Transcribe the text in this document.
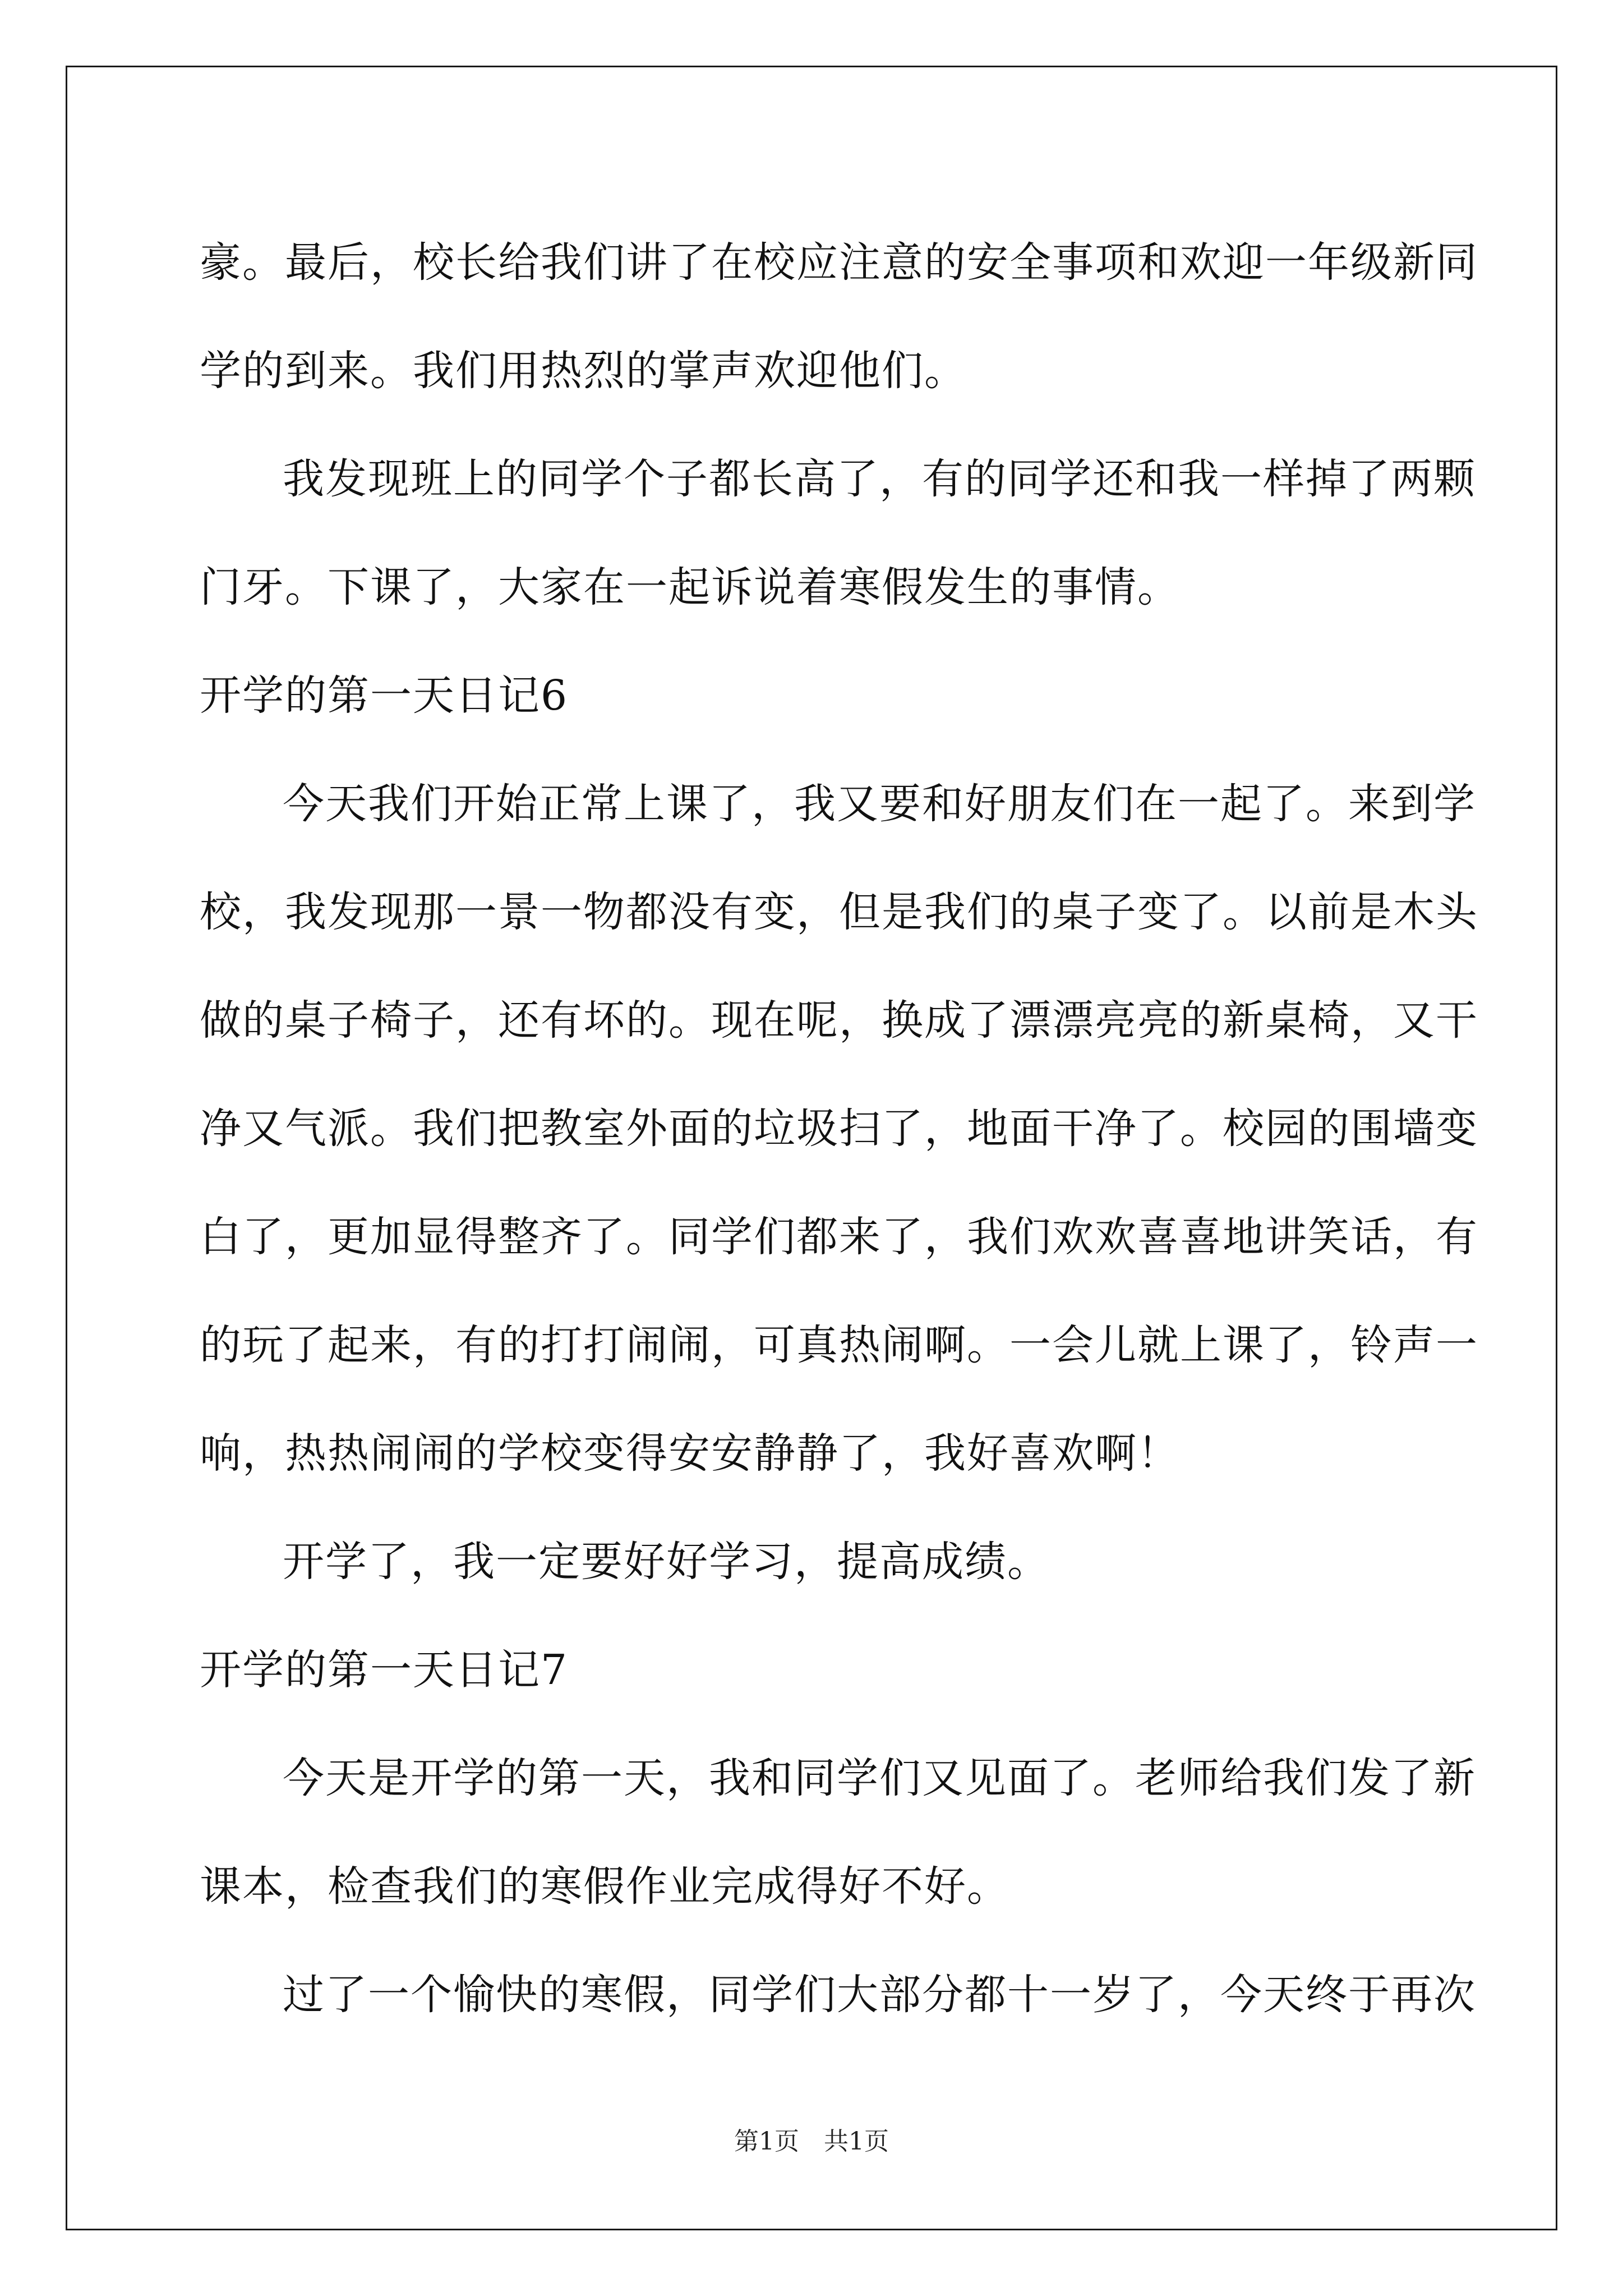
豪。最后，校长给我们讲了在校应注意的安全事项和欢迎一年级新同
学的到来。我们用热烈的掌声欢迎他们。
我发现班上的同学个子都长高了，有的同学还和我一样掉了两颗
门牙。下课了，大家在一起诉说着寒假发生的事情。
开学的第一天日记6
今天我们开始正常上课了，我又要和好朋友们在一起了。来到学
校，我发现那一景一物都没有变，但是我们的桌子变了。以前是木头
做的桌子椅子，还有坏的。现在呢，换成了漂漂亮亮的新桌椅，又干
净又气派。我们把教室外面的垃圾扫了，地面干净了。校园的围墙变
白了，更加显得整齐了。同学们都来了，我们欢欢喜喜地讲笑话，有
的玩了起来，有的打打闹闹，可真热闹啊。一会儿就上课了，铃声一
响，热热闹闹的学校变得安安静静了，我好喜欢啊！
开学了，我一定要好好学习，提高成绩。
开学的第一天日记7
今天是开学的第一天，我和同学们又见面了。老师给我们发了新
课本，检查我们的寒假作业完成得好不好。
过了一个愉快的寒假，同学们大部分都十一岁了，今天终于再次
第1页　共1页
